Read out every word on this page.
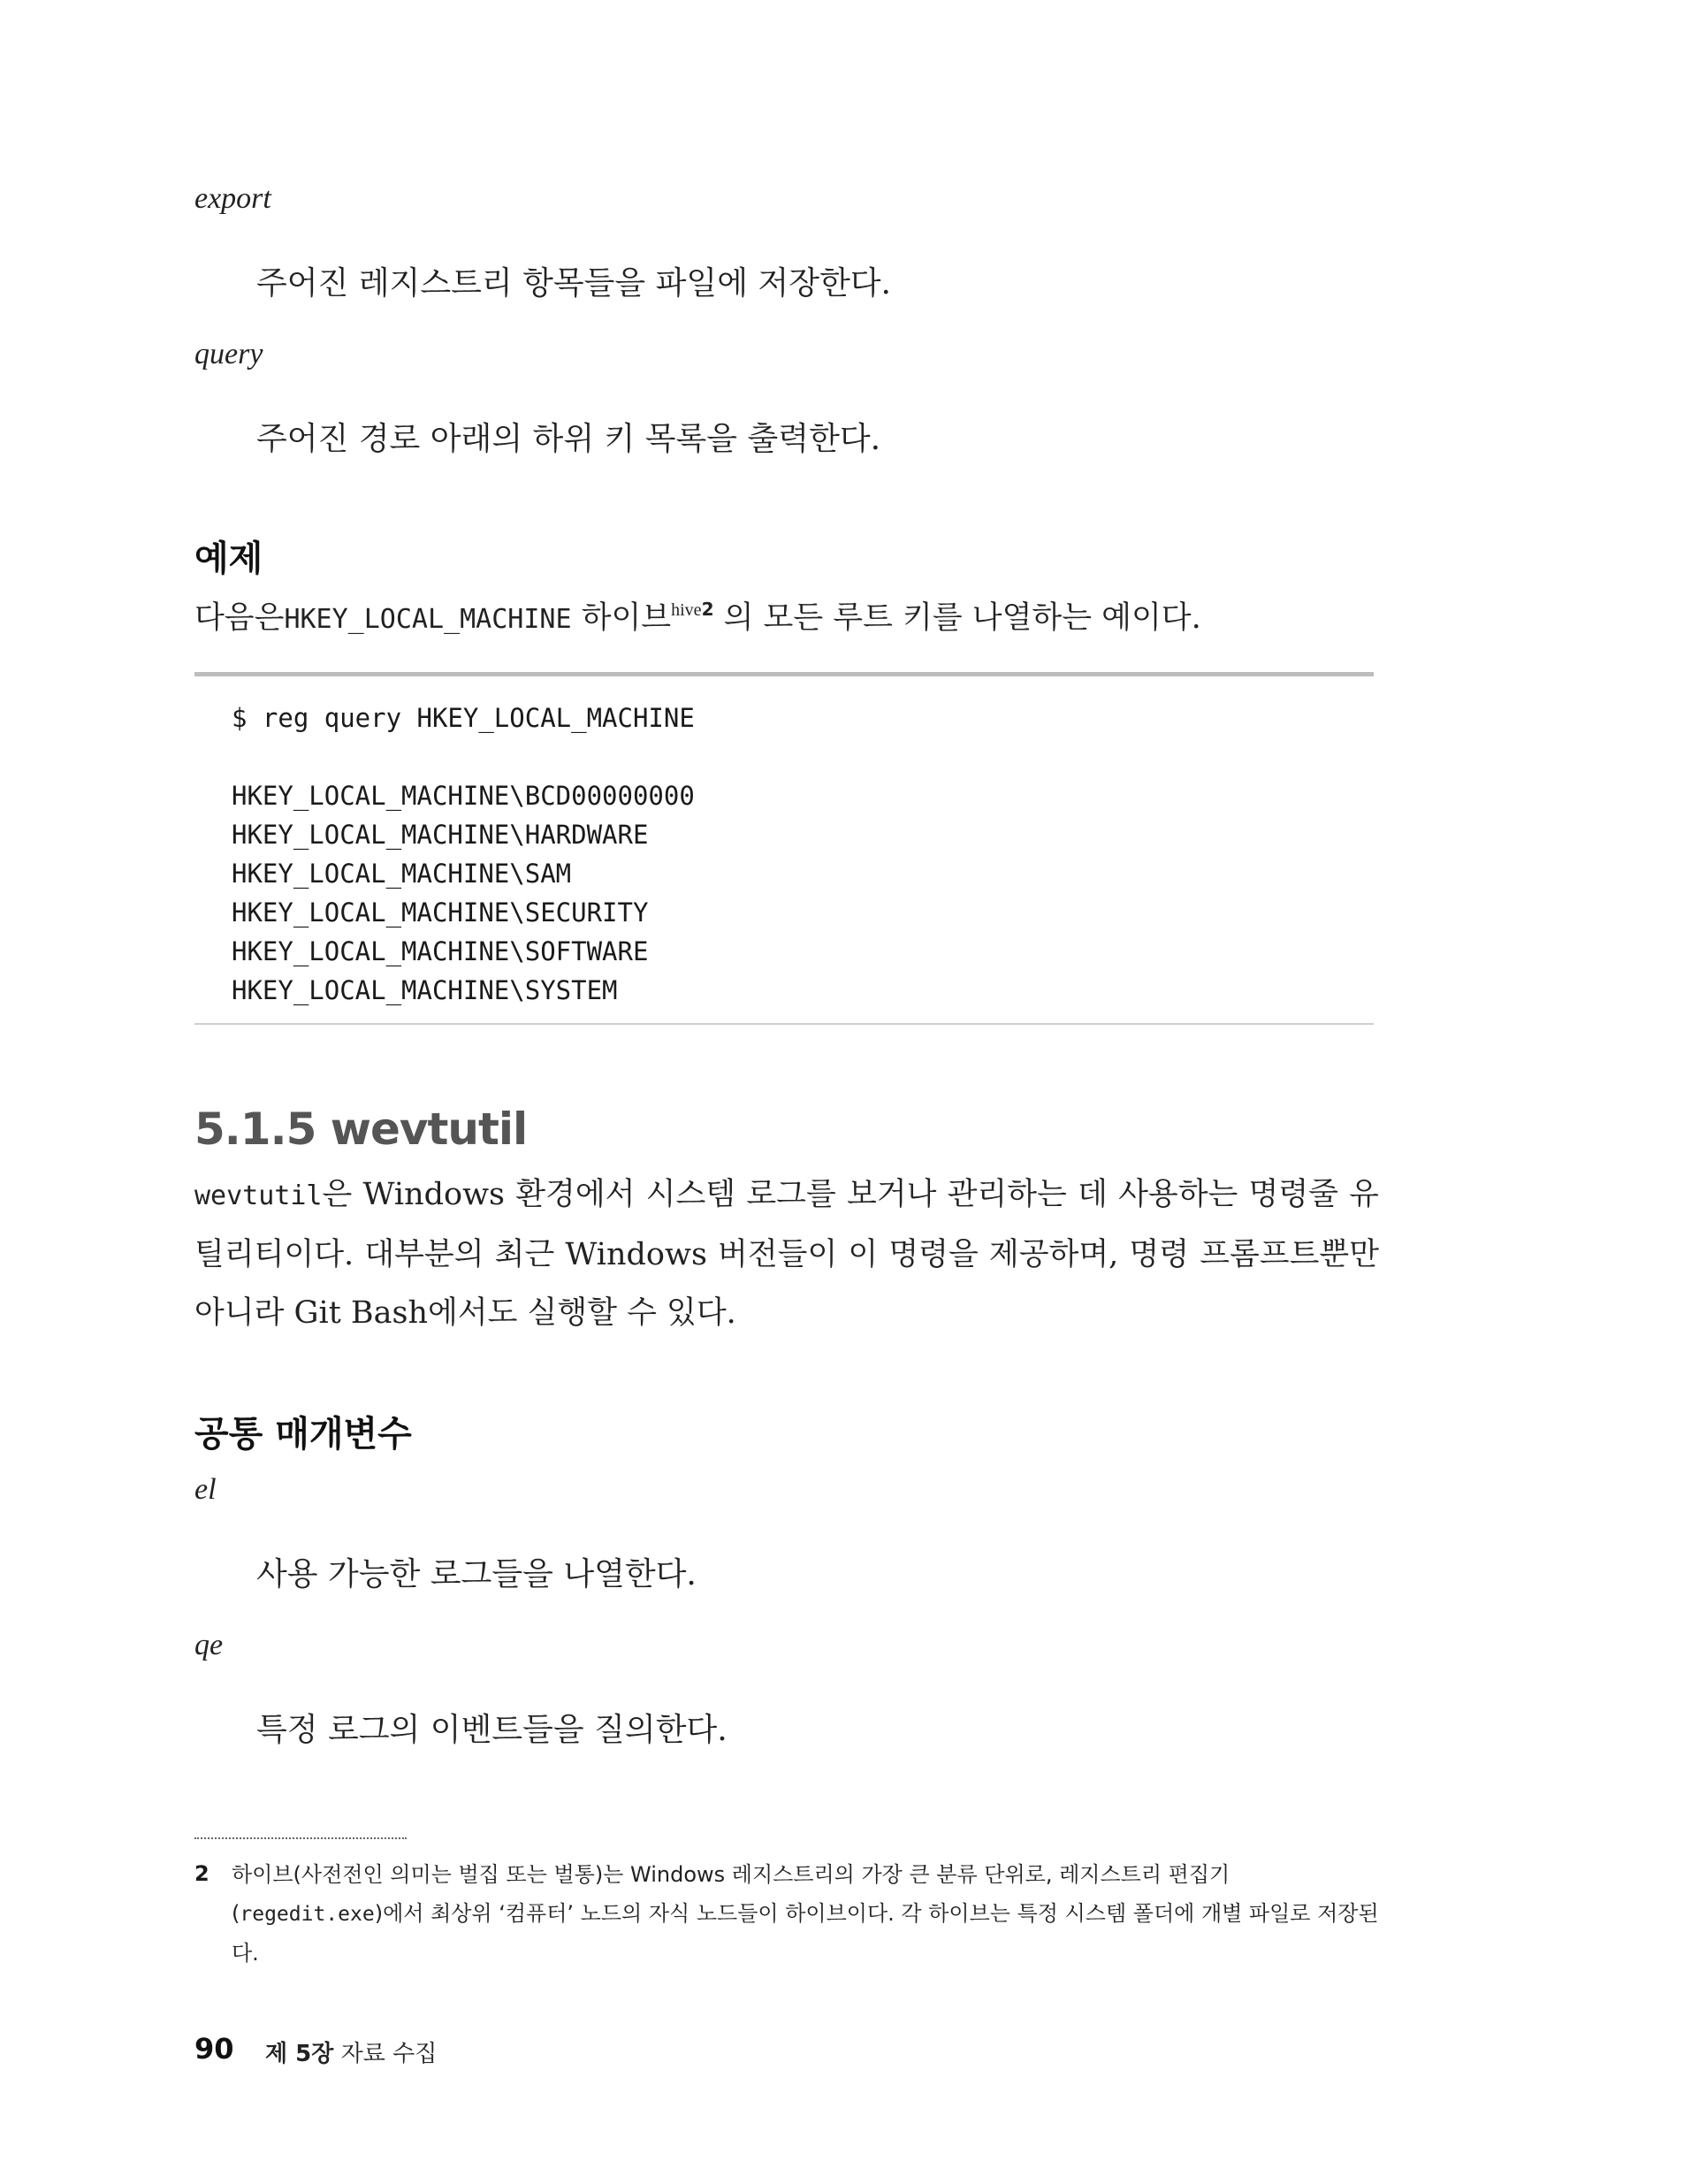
export
주어진 레지스트리 항목들을 파일에 저장한다.
query
주어진 경로 아래의 하위 키 목록을 출력한다.
예제
다음은HKEY_LOCAL_MACHINE 하이브$^{hive2}$ 의 모든 루트 키를 나열하는 예이다.
$ reg query HKEY_LOCAL_MACHINE
HKEY_LOCAL_MACHINE\BCD00000000
HKEY_LOCAL_MACHINE\HARDWARE
HKEY_LOCAL_MACHINE\SAM
HKEY_LOCAL_MACHINE\SECURITY
HKEY_LOCAL_MACHINE\SOFTWARE
HKEY_LOCAL_MACHINE\SYSTEM
5.1.5 wevtutil
wevtutil은 Windows 환경에서 시스템 로그를 보거나 관리하는 데 사용하는 명령줄 유틸리티이다. 대부분의 최근 Windows 버전들이 이 명령을 제공하며, 명령 프롬프트뿐만 아니라 Git Bash에서도 실행할 수 있다.
공통 매개변수
el
사용 가능한 로그들을 나열한다.
qe
특정 로그의 이벤트들을 질의한다.
2 하이브(사전전인 의미는 벌집 또는 벌통)는 Windows 레지스트리의 가장 큰 분류 단위로, 레지스트리 편집기(regedit.exe)에서 최상위 ‘컴퓨터’ 노드의 자식 노드들이 하이브이다. 각 하이브는 특정 시스템 폴더에 개별 파일로 저장된다.
90 제 5장 자료 수집
